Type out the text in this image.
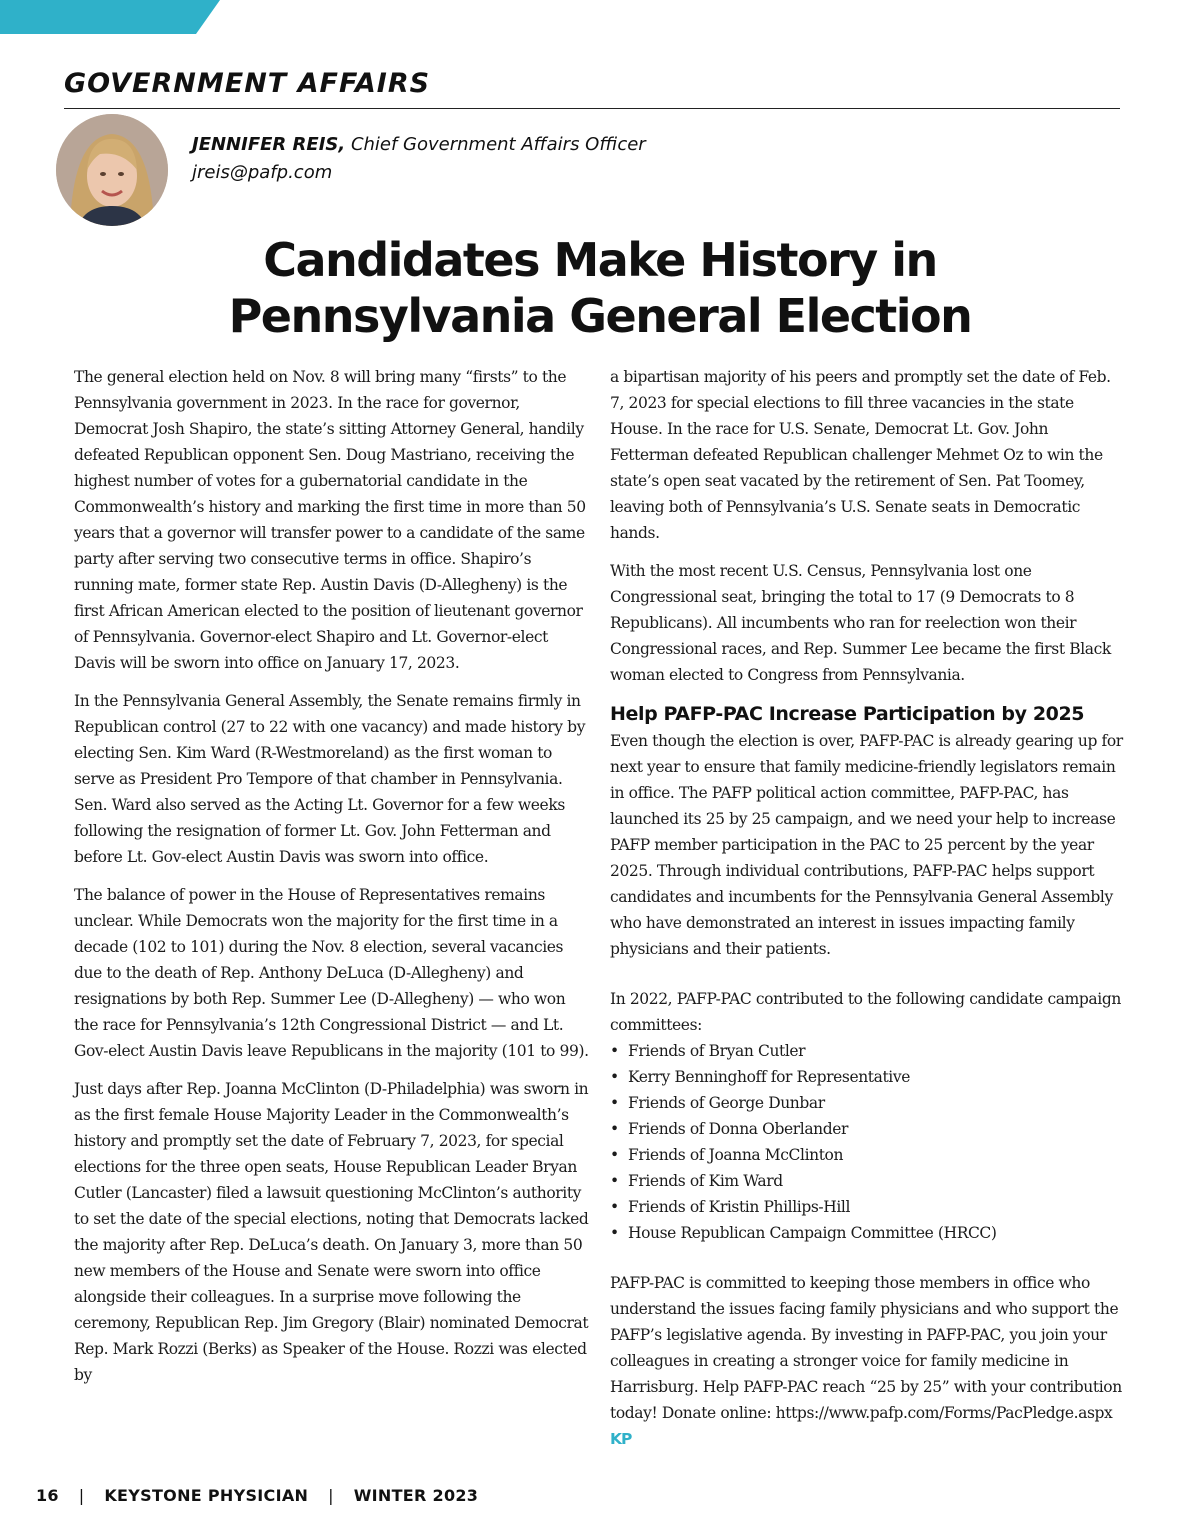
GOVERNMENT AFFAIRS
JENNIFER REIS, Chief Government Affairs Officer
jreis@pafp.com
Candidates Make History in
Pennsylvania General Election

The general election held on Nov. 8 will bring many “firsts” to the Pennsylvania government in 2023. In the race for governor, Democrat Josh Shapiro, the state’s sitting Attorney General, handily defeated Republican opponent Sen. Doug Mastriano, receiving the highest number of votes for a gubernatorial candidate in the Commonwealth’s history and marking the first time in more than 50 years that a governor will transfer power to a candidate of the same party after serving two consecutive terms in office. Shapiro’s running mate, former state Rep. Austin Davis (D-Allegheny) is the first African American elected to the position of lieutenant governor of Pennsylvania. Governor-elect Shapiro and Lt. Governor-elect Davis will be sworn into office on January 17, 2023.

In the Pennsylvania General Assembly, the Senate remains firmly in Republican control (27 to 22 with one vacancy) and made history by electing Sen. Kim Ward (R-Westmoreland) as the first woman to serve as President Pro Tempore of that chamber in Pennsylvania. Sen. Ward also served as the Acting Lt. Governor for a few weeks following the resignation of former Lt. Gov. John Fetterman and before Lt. Gov-elect Austin Davis was sworn into office.

The balance of power in the House of Representatives remains unclear. While Democrats won the majority for the first time in a decade (102 to 101) during the Nov. 8 election, several vacancies due to the death of Rep. Anthony DeLuca (D-Allegheny) and resignations by both Rep. Summer Lee (D-Allegheny) — who won the race for Pennsylvania’s 12th Congressional District — and Lt. Gov-elect Austin Davis leave Republicans in the majority (101 to 99).

Just days after Rep. Joanna McClinton (D-Philadelphia) was sworn in as the first female House Majority Leader in the Commonwealth’s history and promptly set the date of February 7, 2023, for special elections for the three open seats, House Republican Leader Bryan Cutler (Lancaster) filed a lawsuit questioning McClinton’s authority to set the date of the special elections, noting that Democrats lacked the majority after Rep. DeLuca’s death. On January 3, more than 50 new members of the House and Senate were sworn into office alongside their colleagues. In a surprise move following the ceremony, Republican Rep. Jim Gregory (Blair) nominated Democrat Rep. Mark Rozzi (Berks) as Speaker of the House. Rozzi was elected by

a bipartisan majority of his peers and promptly set the date of Feb. 7, 2023 for special elections to fill three vacancies in the state House. In the race for U.S. Senate, Democrat Lt. Gov. John Fetterman defeated Republican challenger Mehmet Oz to win the state’s open seat vacated by the retirement of Sen. Pat Toomey, leaving both of Pennsylvania’s U.S. Senate seats in Democratic hands.

With the most recent U.S. Census, Pennsylvania lost one Congressional seat, bringing the total to 17 (9 Democrats to 8 Republicans). All incumbents who ran for reelection won their Congressional races, and Rep. Summer Lee became the first Black woman elected to Congress from Pennsylvania.

Help PAFP-PAC Increase Participation by 2025

Even though the election is over, PAFP-PAC is already gearing up for next year to ensure that family medicine-friendly legislators remain in office. The PAFP political action committee, PAFP-PAC, has launched its 25 by 25 campaign, and we need your help to increase PAFP member participation in the PAC to 25 percent by the year 2025. Through individual contributions, PAFP-PAC helps support candidates and incumbents for the Pennsylvania General Assembly who have demonstrated an interest in issues impacting family physicians and their patients.

In 2022, PAFP-PAC contributed to the following candidate campaign committees:

• Friends of Bryan Cutler
• Kerry Benninghoff for Representative
• Friends of George Dunbar
• Friends of Donna Oberlander
• Friends of Joanna McClinton
• Friends of Kim Ward
• Friends of Kristin Phillips-Hill
• House Republican Campaign Committee (HRCC)

PAFP-PAC is committed to keeping those members in office who understand the issues facing family physicians and who support the PAFP’s legislative agenda. By investing in PAFP-PAC, you join your colleagues in creating a stronger voice for family medicine in Harrisburg. Help PAFP-PAC reach “25 by 25” with your contribution today! Donate online: https://www.pafp.com/Forms/PacPledge.aspx KP

16 | KEYSTONE PHYSICIAN | WINTER 2023
